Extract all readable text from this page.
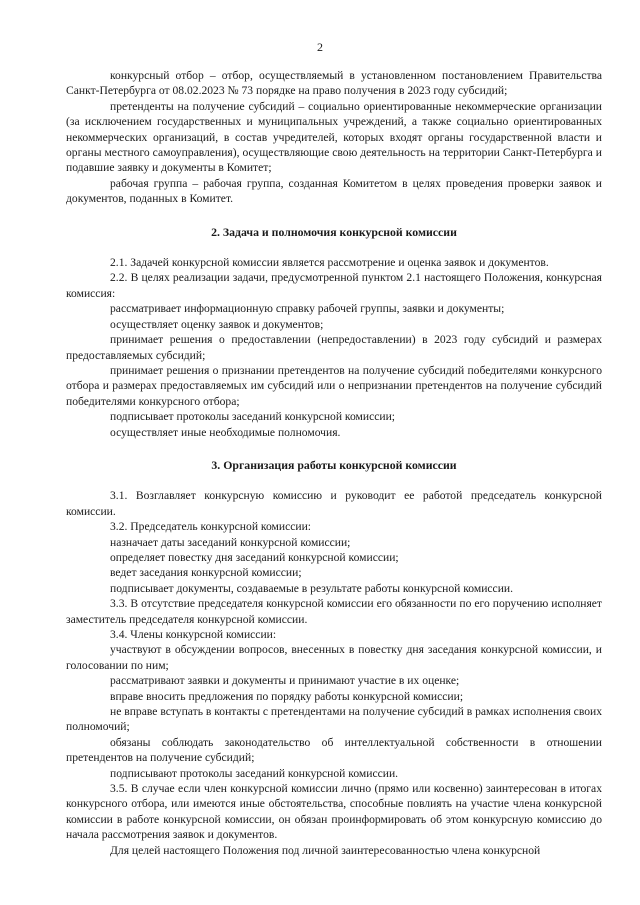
2

конкурсный отбор – отбор, осуществляемый в установленном постановлением Правительства Санкт-Петербурга от 08.02.2023 № 73 порядке на право получения в 2023 году субсидий;

претенденты на получение субсидий – социально ориентированные некоммерческие организации (за исключением государственных и муниципальных учреждений, а также социально ориентированных некоммерческих организаций, в состав учредителей, которых входят органы государственной власти и органы местного самоуправления), осуществляющие свою деятельность на территории Санкт-Петербурга и подавшие заявку и документы в Комитет;

рабочая группа – рабочая группа, созданная Комитетом в целях проведения проверки заявок и документов, поданных в Комитет.

2. Задача и полномочия конкурсной комиссии

2.1. Задачей конкурсной комиссии является рассмотрение и оценка заявок и документов.

2.2. В целях реализации задачи, предусмотренной пунктом 2.1 настоящего Положения, конкурсная комиссия:

рассматривает информационную справку рабочей группы, заявки и документы;

осуществляет оценку заявок и документов;

принимает решения о предоставлении (непредоставлении) в 2023 году субсидий и размерах предоставляемых субсидий;

принимает решения о признании претендентов на получение субсидий победителями конкурсного отбора и размерах предоставляемых им субсидий или о непризнании претендентов на получение субсидий победителями конкурсного отбора;

подписывает протоколы заседаний конкурсной комиссии;

осуществляет иные необходимые полномочия.

3. Организация работы конкурсной комиссии

3.1. Возглавляет конкурсную комиссию и руководит ее работой председатель конкурсной комиссии.

3.2. Председатель конкурсной комиссии:

назначает даты заседаний конкурсной комиссии;

определяет повестку дня заседаний конкурсной комиссии;

ведет заседания конкурсной комиссии;

подписывает документы, создаваемые в результате работы конкурсной комиссии.

3.3. В отсутствие председателя конкурсной комиссии его обязанности по его поручению исполняет заместитель председателя конкурсной комиссии.

3.4. Члены конкурсной комиссии:

участвуют в обсуждении вопросов, внесенных в повестку дня заседания конкурсной комиссии, и голосовании по ним;

рассматривают заявки и документы и принимают участие в их оценке;

вправе вносить предложения по порядку работы конкурсной комиссии;

не вправе вступать в контакты с претендентами на получение субсидий в рамках исполнения своих полномочий;

обязаны соблюдать законодательство об интеллектуальной собственности в отношении претендентов на получение субсидий;

подписывают протоколы заседаний конкурсной комиссии.

3.5. В случае если член конкурсной комиссии лично (прямо или косвенно) заинтересован в итогах конкурсного отбора, или имеются иные обстоятельства, способные повлиять на участие члена конкурсной комиссии в работе конкурсной комиссии, он обязан проинформировать об этом конкурсную комиссию до начала рассмотрения заявок и документов.

Для целей настоящего Положения под личной заинтересованностью члена конкурсной
